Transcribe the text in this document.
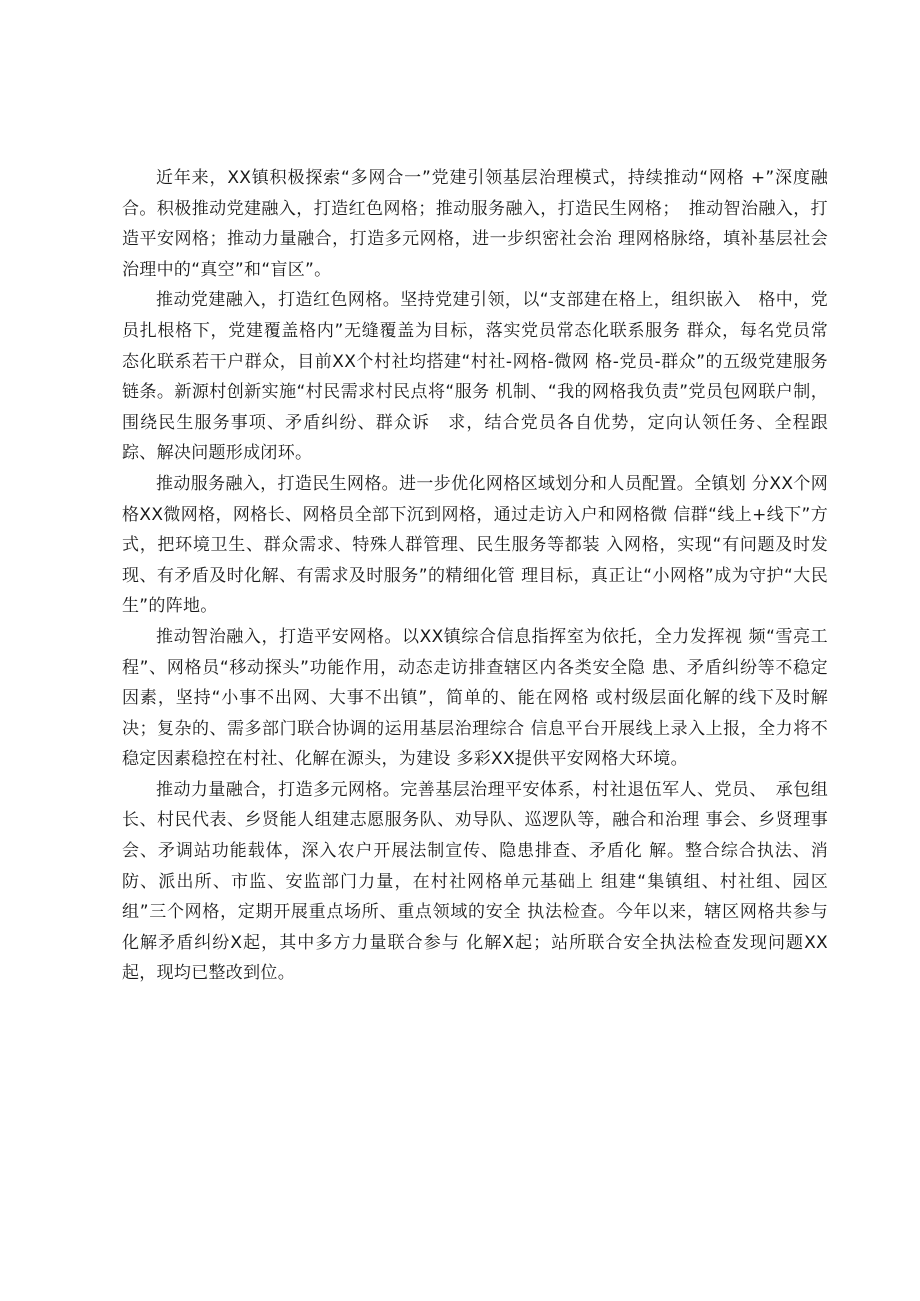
近年来，XX镇积极探索“多网合一”党建引领基层治理模式，持续推动“网格 +”深度融合。积极推动党建融入，打造红色网格；推动服务融入，打造民生网格；　推动智治融入，打造平安网格；推动力量融合，打造多元网格，进一步织密社会治 理网格脉络，填补基层社会治理中的“真空”和“盲区”。

推动党建融入，打造红色网格。坚持党建引领，以“支部建在格上，组织嵌入　格中，党员扎根格下，党建覆盖格内”无缝覆盖为目标，落实党员常态化联系服务 群众，每名党员常态化联系若干户群众，目前XX个村社均搭建“村社-网格-微网 格-党员-群众”的五级党建服务链条。新源村创新实施“村民需求村民点将“服务 机制、“我的网格我负责”党员包网联户制，围绕民生服务事项、矛盾纠纷、群众诉　求，结合党员各自优势，定向认领任务、全程跟踪、解决问题形成闭环。

推动服务融入，打造民生网格。进一步优化网格区域划分和人员配置。全镇划 分XX个网格XX微网格，网格长、网格员全部下沉到网格，通过走访入户和网格微 信群“线上+线下”方式，把环境卫生、群众需求、特殊人群管理、民生服务等都装 入网格，实现“有问题及时发现、有矛盾及时化解、有需求及时服务”的精细化管 理目标，真正让“小网格”成为守护“大民生”的阵地。

推动智治融入，打造平安网格。以XX镇综合信息指挥室为依托，全力发挥视 频“雪亮工程”、网格员“移动探头”功能作用，动态走访排查辖区内各类安全隐 患、矛盾纠纷等不稳定因素，坚持“小事不出网、大事不出镇”，简单的、能在网格 或村级层面化解的线下及时解决；复杂的、需多部门联合协调的运用基层治理综合 信息平台开展线上录入上报，全力将不稳定因素稳控在村社、化解在源头，为建设 多彩XX提供平安网格大环境。

推动力量融合，打造多元网格。完善基层治理平安体系，村社退伍军人、党员、　承包组长、村民代表、乡贤能人组建志愿服务队、劝导队、巡逻队等，融合和治理 事会、乡贤理事会、矛调站功能载体，深入农户开展法制宣传、隐患排查、矛盾化 解。整合综合执法、消防、派出所、市监、安监部门力量，在村社网格单元基础上 组建“集镇组、村社组、园区组”三个网格，定期开展重点场所、重点领域的安全 执法检查。今年以来，辖区网格共参与化解矛盾纠纷X起，其中多方力量联合参与 化解X起；站所联合安全执法检查发现问题XX起，现均已整改到位。
